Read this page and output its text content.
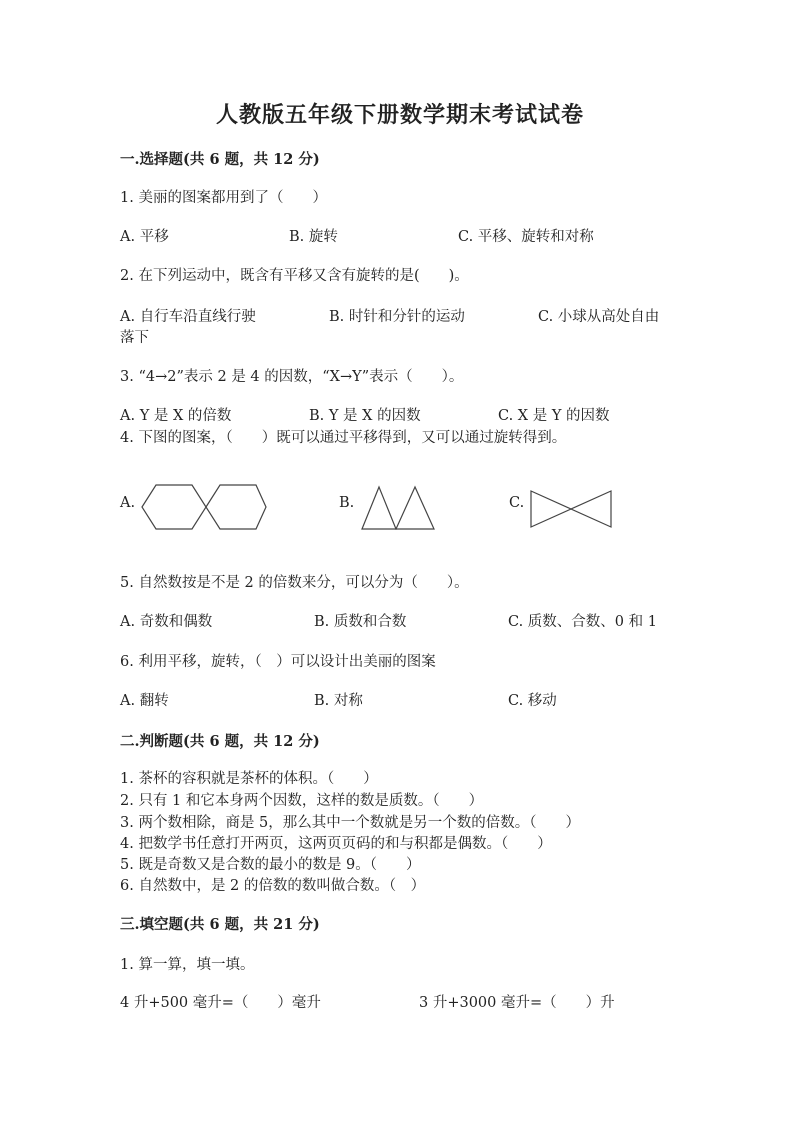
人教版五年级下册数学期末考试试卷
一.选择题(共 6 题，共 12 分)
1. 美丽的图案都用到了（　　）
A. 平移	B. 旋转	C. 平移、旋转和对称
2. 在下列运动中，既含有平移又含有旋转的是(　　)。
A. 自行车沿直线行驶	B. 时针和分针的运动	C. 小球从高处自由
落下
3. “4→2”表示 2 是 4 的因数，“X→Y”表示（　　）。
A. Y 是 X 的倍数	B. Y 是 X 的因数	C. X 是 Y 的因数
4. 下图的图案，（　　）既可以通过平移得到，又可以通过旋转得到。
A.	B.	C.
5. 自然数按是不是 2 的倍数来分，可以分为（　　）。
A. 奇数和偶数	B. 质数和合数	C. 质数、合数、0 和 1
6. 利用平移，旋转，（　）可以设计出美丽的图案
A. 翻转	B. 对称	C. 移动
二.判断题(共 6 题，共 12 分)
1. 茶杯的容积就是茶杯的体积。（　　）
2. 只有 1 和它本身两个因数，这样的数是质数。（　　）
3. 两个数相除，商是 5，那么其中一个数就是另一个数的倍数。（　　）
4. 把数学书任意打开两页，这两页页码的和与积都是偶数。（　　）
5. 既是奇数又是合数的最小的数是 9。（　　）
6. 自然数中，是 2 的倍数的数叫做合数。（　）
三.填空题(共 6 题，共 21 分)
1. 算一算，填一填。
4 升+500 毫升=（　　）毫升	3 升+3000 毫升=（　　）升
